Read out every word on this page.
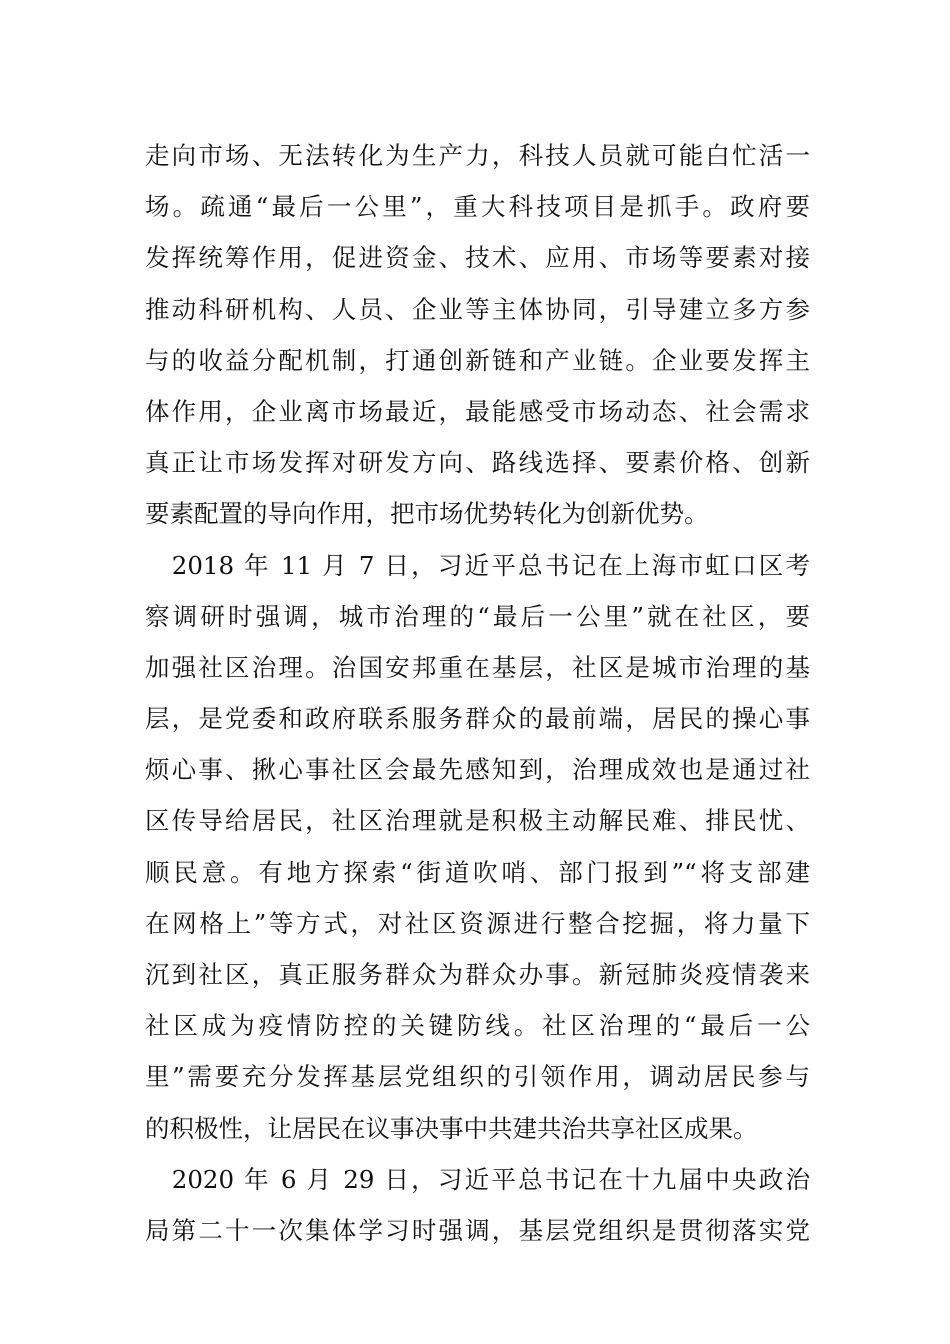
走向市场、无法转化为生产力，科技人员就可能白忙活一
场。疏通“最后一公里”，重大科技项目是抓手。政府要
发挥统筹作用，促进资金、技术、应用、市场等要素对接
推动科研机构、人员、企业等主体协同，引导建立多方参
与的收益分配机制，打通创新链和产业链。企业要发挥主
体作用，企业离市场最近，最能感受市场动态、社会需求
真正让市场发挥对研发方向、路线选择、要素价格、创新
要素配置的导向作用，把市场优势转化为创新优势。
　2018 年 11 月 7 日，习近平总书记在上海市虹口区考
察调研时强调，城市治理的“最后一公里”就在社区，要
加强社区治理。治国安邦重在基层，社区是城市治理的基
层，是党委和政府联系服务群众的最前端，居民的操心事
烦心事、揪心事社区会最先感知到，治理成效也是通过社
区传导给居民，社区治理就是积极主动解民难、排民忧、
顺民意。有地方探索“街道吹哨、部门报到”“将支部建
在网格上”等方式，对社区资源进行整合挖掘，将力量下
沉到社区，真正服务群众为群众办事。新冠肺炎疫情袭来
社区成为疫情防控的关键防线。社区治理的“最后一公
里”需要充分发挥基层党组织的引领作用，调动居民参与
的积极性，让居民在议事决事中共建共治共享社区成果。
　2020 年 6 月 29 日，习近平总书记在十九届中央政治
局第二十一次集体学习时强调，基层党组织是贯彻落实党
